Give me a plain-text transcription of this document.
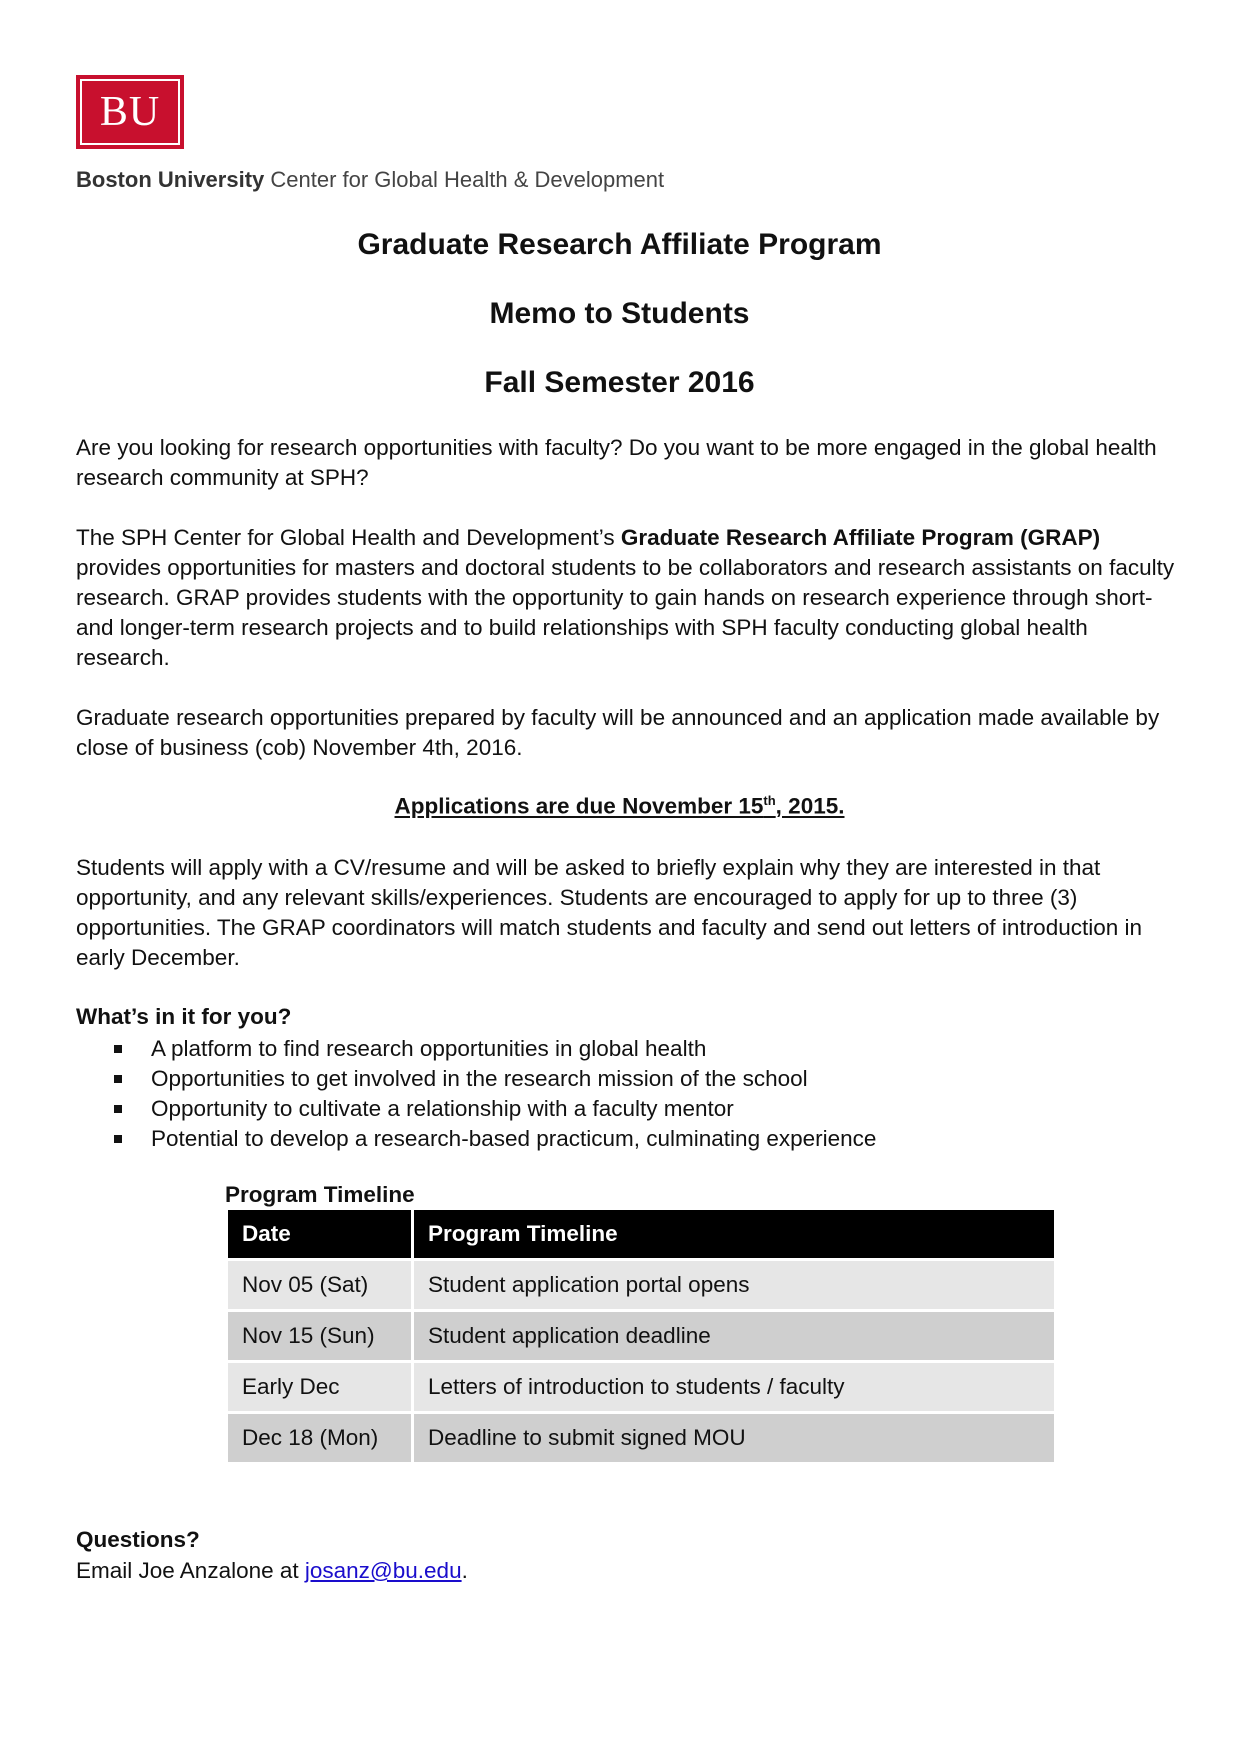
BU
Boston University Center for Global Health & Development
Graduate Research Affiliate Program
Memo to Students
Fall Semester 2016
Are you looking for research opportunities with faculty? Do you want to be more engaged in the global health research community at SPH?
The SPH Center for Global Health and Development’s Graduate Research Affiliate Program (GRAP) provides opportunities for masters and doctoral students to be collaborators and research assistants on faculty research. GRAP provides students with the opportunity to gain hands on research experience through short- and longer-term research projects and to build relationships with SPH faculty conducting global health research.
Graduate research opportunities prepared by faculty will be announced and an application made available by close of business (cob) November 4th, 2016.
Applications are due November 15th, 2015.
Students will apply with a CV/resume and will be asked to briefly explain why they are interested in that opportunity, and any relevant skills/experiences. Students are encouraged to apply for up to three (3) opportunities. The GRAP coordinators will match students and faculty and send out letters of introduction in early December.
What’s in it for you?
A platform to find research opportunities in global health
Opportunities to get involved in the research mission of the school
Opportunity to cultivate a relationship with a faculty mentor
Potential to develop a research-based practicum, culminating experience
Program Timeline
Date	Program Timeline
Nov 05 (Sat)	Student application portal opens
Nov 15 (Sun)	Student application deadline
Early Dec	Letters of introduction to students / faculty
Dec 18 (Mon)	Deadline to submit signed MOU
Questions?
Email Joe Anzalone at josanz@bu.edu.
